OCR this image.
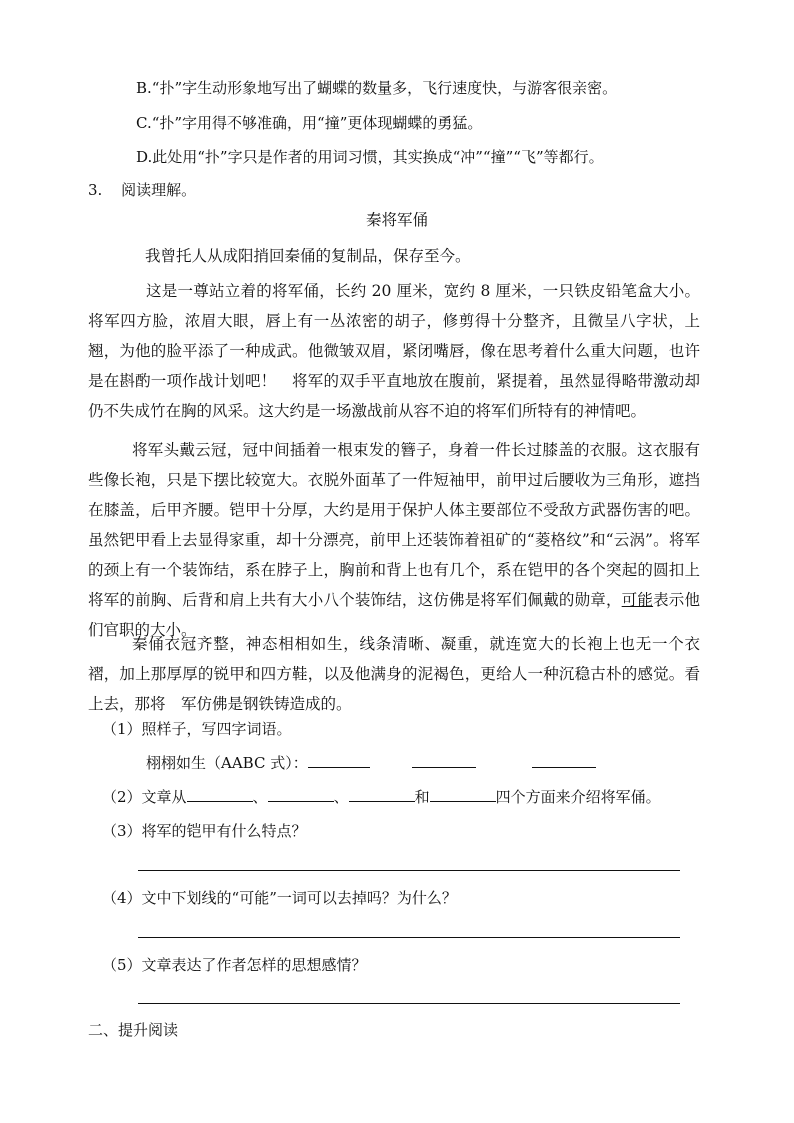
B.“扑”字生动形象地写出了蝴蝶的数量多，飞行速度快，与游客很亲密。
C.“扑”字用得不够准确，用“撞”更体现蝴蝶的勇猛。
D.此处用“扑”字只是作者的用词习惯，其实换成“冲”“撞”“飞”等都行。
3. 阅读理解。
秦将军俑

我曾托人从成阳捎回秦俑的复制品，保存至今。

这是一尊站立着的将军俑，长约 20 厘米，宽约 8 厘米，一只铁皮铅笔盒大小。将军四方脸，浓眉大眼，唇上有一丛浓密的胡子，修剪得十分整齐，且微呈八字状，上翘，为他的脸平添了一种成武。他微皱双眉，紧闭嘴唇，像在思考着什么重大问题，也许是在斟酌一项作战计划吧！　将军的双手平直地放在腹前，紧提着，虽然显得略带激动却仍不失成竹在胸的风采。这大约是一场激战前从容不迫的将军们所特有的神情吧。

将军头戴云冠，冠中间插着一根束发的簪子，身着一件长过膝盖的衣服。这衣服有些像长袍，只是下摆比较宽大。衣脱外面革了一件短袖甲，前甲过后腰收为三角形，遮挡在膝盖，后甲齐腰。铠甲十分厚，大约是用于保护人体主要部位不受敌方武器伤害的吧。虽然钯甲看上去显得家重，却十分漂亮，前甲上还装饰着祖矿的“菱格纹”和“云涡”。将军的颈上有一个装饰结，系在脖子上，胸前和背上也有几个，系在铠甲的各个突起的圆扣上将军的前胸、后背和肩上共有大小八个装饰结，这仿佛是将军们佩戴的勋章，可能表示他们官职的大小。

秦俑衣冠齐整，神态相相如生，线条清晰、凝重，就连宽大的长袍上也无一个衣褶，加上那厚厚的锐甲和四方鞋，以及他满身的泥褐色，更给人一种沉稳古朴的感觉。看上去，那将　军仿佛是钢铁铸造成的。

（1）照样子，写四字词语。
栩栩如生（AABC 式）：
（2）文章从	、	、	和	四个方面来介绍将军俑。
（3）将军的铠甲有什么特点？
（4）文中下划线的“可能”一词可以去掉吗？为什么？
（5）文章表达了作者怎样的思想感情？
二、提升阅读
